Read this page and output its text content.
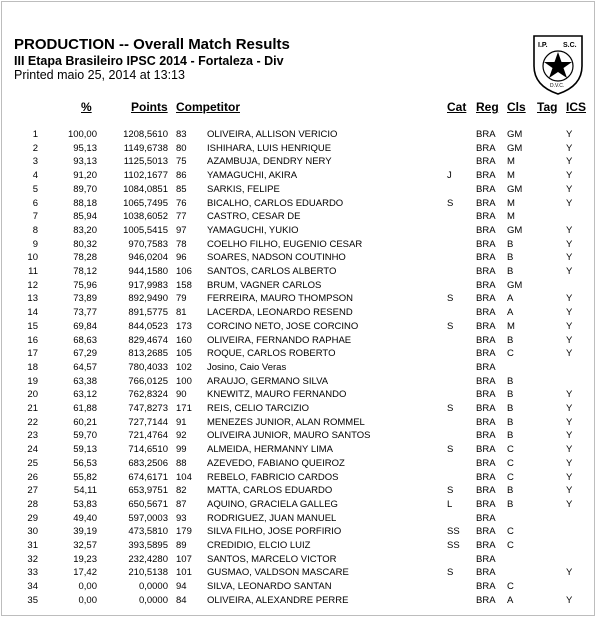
PRODUCTION -- Overall Match Results
III Etapa Brasileiro IPSC 2014 - Fortaleza - Div
Printed maio 25, 2014 at 13:13
I.P. S.C.
D.V.C.
%	Points Competitor	Cat Reg Cls Tag ICS
1	100,00	1208,5610 83 OLIVEIRA, ALLISON VERICIO	BRA GM	Y
2	95,13	1149,6738 80 ISHIHARA, LUIS HENRIQUE	BRA GM	Y
3	93,13	1125,5013 75 AZAMBUJA, DENDRY NERY	BRA M	Y
4	91,20	1102,1677 86 YAMAGUCHI, AKIRA	J	BRA M	Y
5	89,70	1084,0851 85 SARKIS, FELIPE	BRA GM	Y
6	88,18	1065,7495 76 BICALHO, CARLOS EDUARDO	S BRA M	Y
7	85,94	1038,6052 77 CASTRO, CESAR DE	BRA M
8	83,20	1005,5415 97 YAMAGUCHI, YUKIO	BRA GM	Y
9	80,32	970,7583 78 COELHO FILHO, EUGENIO CESAR	BRA B	Y
10	78,28	946,0204 96 SOARES, NADSON COUTINHO	BRA B	Y
11	78,12	944,1580 106 SANTOS, CARLOS ALBERTO	BRA B	Y
12	75,96	917,9983 158 BRUM, VAGNER CARLOS	BRA GM
13	73,89	892,9490 79 FERREIRA, MAURO THOMPSON	S BRA A	Y
14	73,77	891,5775 81 LACERDA, LEONARDO RESEND	BRA A	Y
15	69,84	844,0523 173 CORCINO NETO, JOSE CORCINO	S BRA M	Y
16	68,63	829,4674 160 OLIVEIRA, FERNANDO RAPHAE	BRA B	Y
17	67,29	813,2685 105 ROQUE, CARLOS ROBERTO	BRA C	Y
18	64,57	780,4033 102 Josino, Caio Veras	BRA
19	63,38	766,0125 100 ARAUJO, GERMANO SILVA	BRA B
20	63,12	762,8324 90 KNEWITZ, MAURO FERNANDO	BRA B	Y
21	61,88	747,8273 171 REIS, CELIO TARCIZIO	S BRA B	Y
22	60,21	727,7144 91 MENEZES JUNIOR, ALAN ROMMEL	BRA B	Y
23	59,70	721,4764 92 OLIVEIRA JUNIOR, MAURO SANTOS	BRA B	Y
24	59,13	714,6510 99 ALMEIDA, HERMANNY LIMA	S BRA C	Y
25	56,53	683,2506 88 AZEVEDO, FABIANO QUEIROZ	BRA C	Y
26	55,82	674,6171 104 REBELO, FABRICIO CARDOS	BRA C	Y
27	54,11	653,9751 82 MATTA, CARLOS EDUARDO	S BRA B	Y
28	53,83	650,5671 87 AQUINO, GRACIELA GALLEG	L BRA B	Y
29	49,40	597,0003 93 RODRIGUEZ, JUAN MANUEL	BRA
30	39,19	473,5810 179 SILVA FILHO, JOSE PORFIRIO	SS BRA C
31	32,57	393,5895 89 CREDIDIO, ELCIO LUIZ	SS BRA C
32	19,23	232,4280 107 SANTOS, MARCELO VICTOR	BRA
33	17,42	210,5138 101 GUSMAO, VALDSON MASCARE	S BRA	Y
34	0,00	0,0000 94 SILVA, LEONARDO SANTAN	BRA C
35	0,00	0,0000 84 OLIVEIRA, ALEXANDRE PERRE	BRA A	Y
